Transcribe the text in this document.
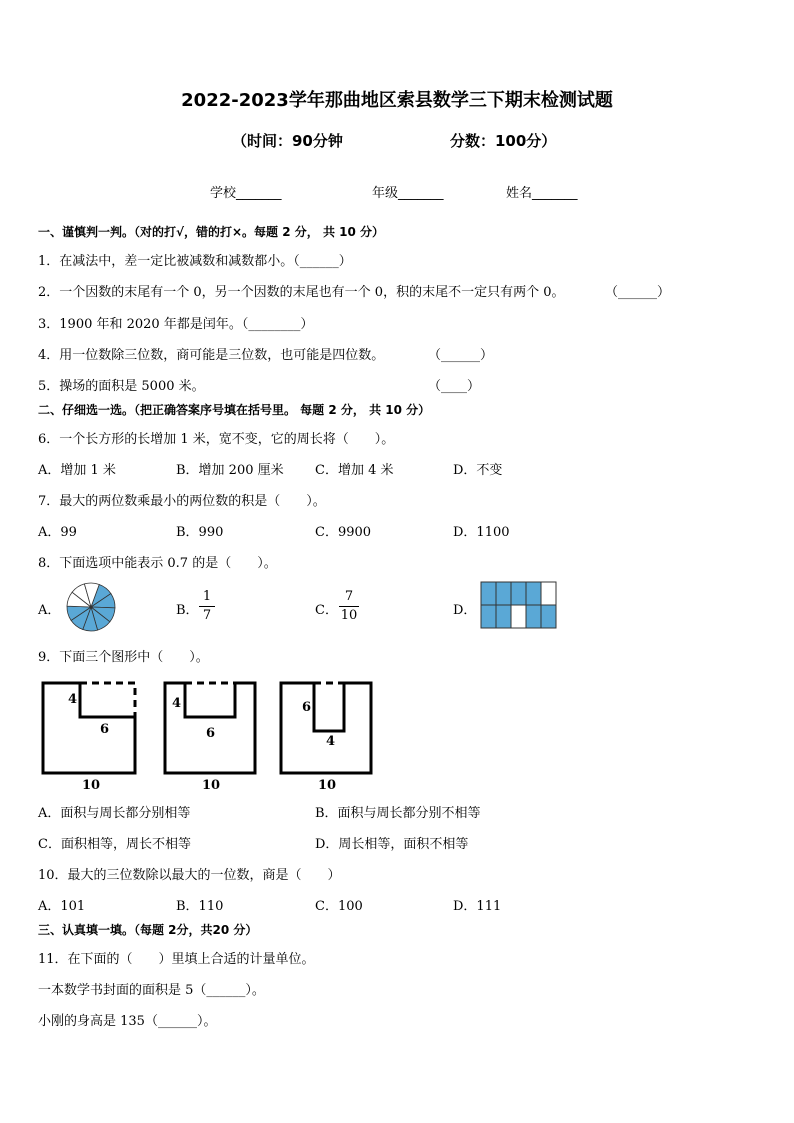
2022-2023学年那曲地区索县数学三下期末检测试题
（时间：90分钟	分数：100分）
学校_______	年级_______	姓名_______
一、谨慎判一判。（对的打√，错的打×。每题 2 分， 共 10 分）
1．在减法中，差一定比被减数和减数都小。（______）
2．一个因数的末尾有一个 0，另一个因数的末尾也有一个 0，积的末尾不一定只有两个 0。	（______）
3．1900 年和 2020 年都是闰年。（________）
4．用一位数除三位数，商可能是三位数，也可能是四位数。	（______）
5．操场的面积是 5000 米。	（____）
二、仔细选一选。（把正确答案序号填在括号里。 每题 2 分， 共 10 分）
6．一个长方形的长增加 1 米，宽不变，它的周长将（　　）。
A．增加 1 米	B．增加 200 厘米 C．增加 4 米	D．不变
7．最大的两位数乘最小的两位数的积是（　　）。
A．99	B．990	C．9900	D．1100
8．下面选项中能表示 0.7 的是（　　）。
A．	B．
1
7	C．
7
10	D．
9．下面三个图形中（　　）。
4
6
10
4
6
10
6
4
10
A．面积与周长都分别相等	B．面积与周长都分别不相等
C．面积相等，周长不相等	D．周长相等，面积不相等
10．最大的三位数除以最大的一位数，商是（　　）
A．101	B．110	C．100	D．111
三、认真填一填。（每题 2分，共20 分）
11．在下面的（　　）里填上合适的计量单位。
一本数学书封面的面积是 5（______）。
小刚的身高是 135（______）。
